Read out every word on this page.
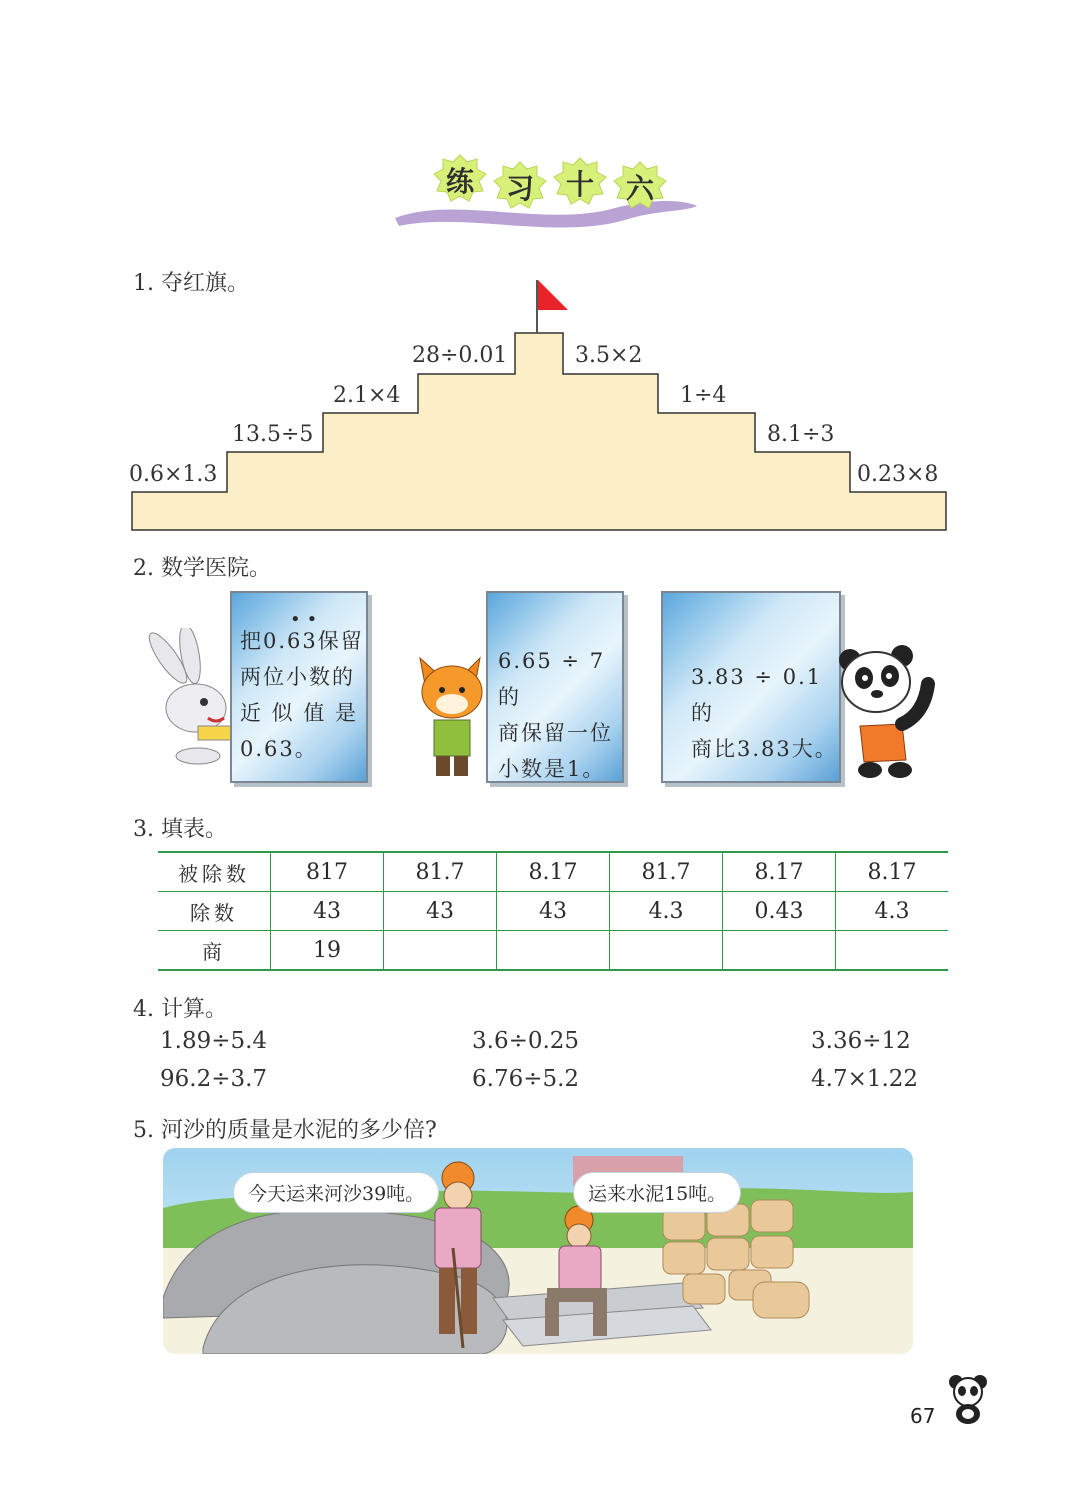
练	习	十	六
1. 夺红旗。
0.6×1.3
13.5÷5
2.1×4
28÷0.01	3.5×2
1÷4
8.1÷3
0.23×8
2. 数学医院。
••
把0.63保留
两位小数的
近 似 值 是
0.63。
6.65 ÷ 7 的
商保留一位
小数是1。
3.83 ÷ 0.1 的
商比3.83大。
3. 填表。
被除数	817	81.7	8.17	81.7	8.17	8.17
除数	43	43	43	4.3	0.43	4.3
商	19					
4. 计算。
1.89÷5.4	3.6÷0.25	3.36÷12
96.2÷3.7	6.76÷5.2	4.7×1.22
5. 河沙的质量是水泥的多少倍?
今天运来河沙39吨。	运来水泥15吨。
67
